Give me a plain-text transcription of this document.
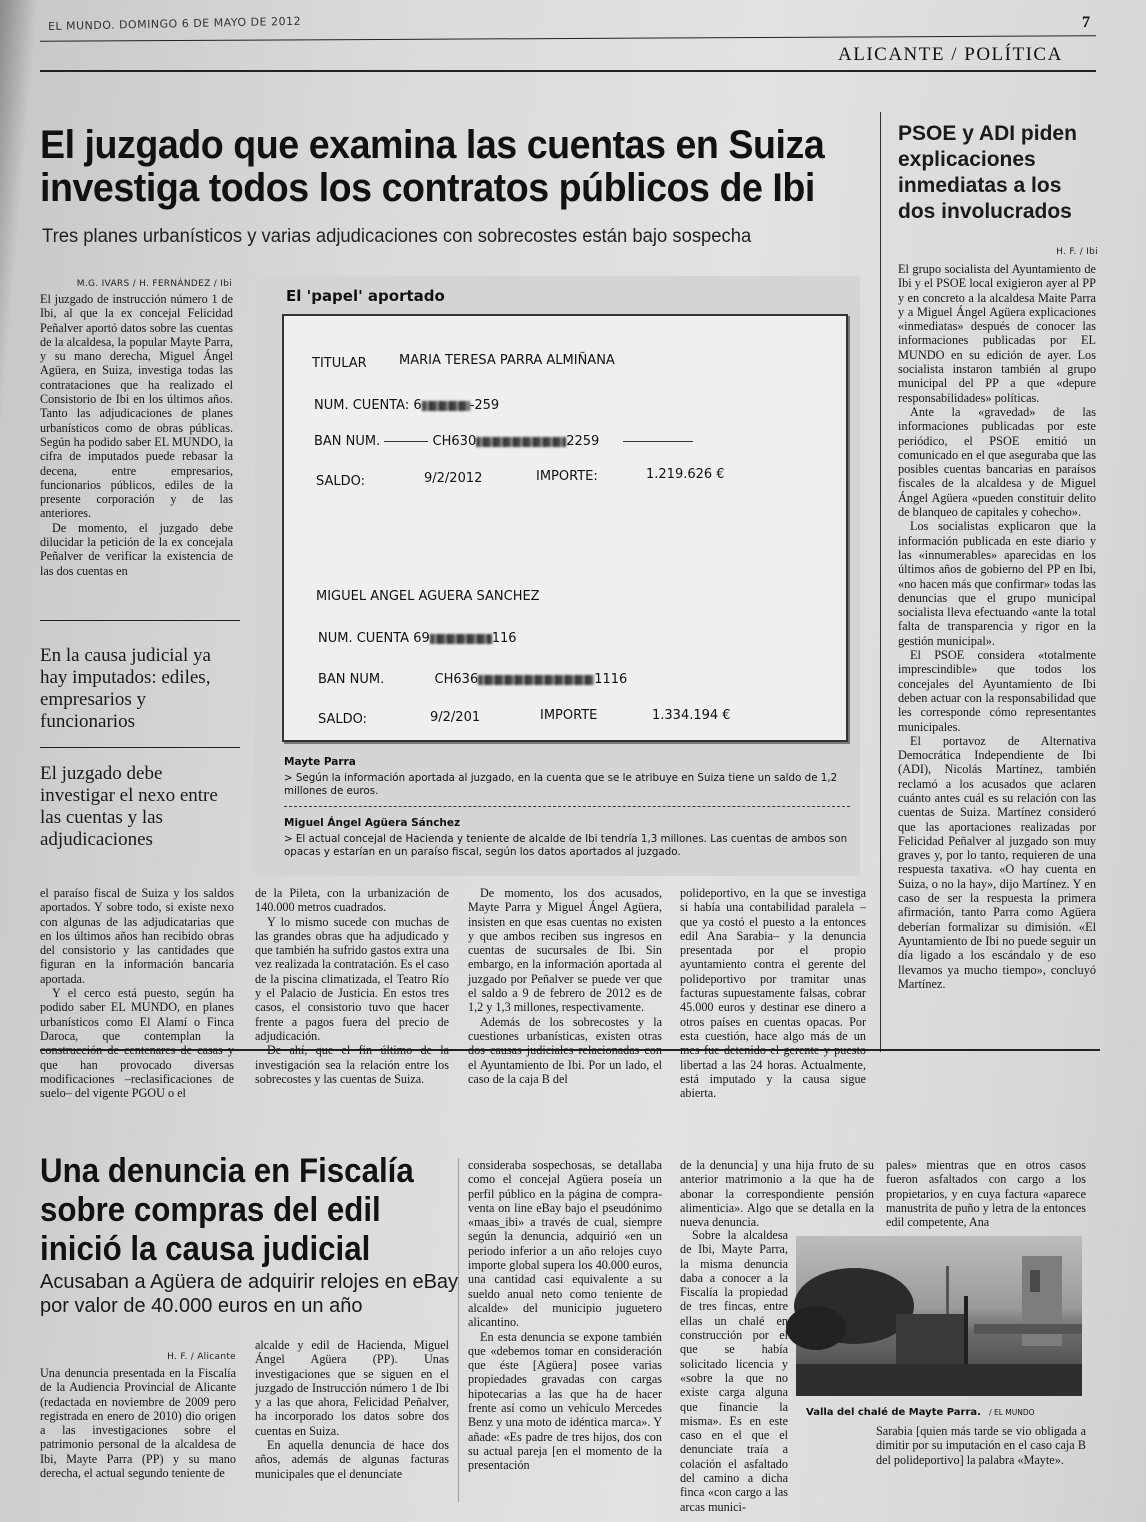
EL MUNDO. DOMINGO 6 DE MAYO DE 2012	7
ALICANTE / POLÍTICA
El juzgado que examina las cuentas en Suiza
investiga todos los contratos públicos de Ibi
Tres planes urbanísticos y varias adjudicaciones con sobrecostes están bajo sospecha
M.G. IVARS / H. FERNÁNDEZ / Ibi

El juzgado de instrucción número 1 de Ibi, al que la ex concejal Felicidad Peñalver aportó datos sobre las cuentas de la alcaldesa, la popular Mayte Parra, y su mano derecha, Miguel Ángel Agüera, en Suiza, investiga todas las contrataciones que ha realizado el Consistorio de Ibi en los últimos años. Tanto las adjudicaciones de planes urbanísticos como de obras públicas. Según ha podido saber EL MUNDO, la cifra de imputados puede rebasar la decena, entre empresarios, funcionarios públicos, ediles de la presente corporación y de las anteriores.

De momento, el juzgado debe dilucidar la petición de la ex concejala Peñalver de verificar la existencia de las dos cuentas en

En la causa judicial ya hay imputados: ediles, empresarios y funcionarios
El juzgado debe investigar el nexo entre las cuentas y las adjudicaciones
El 'papel' aportado
TITULAR MARIA TERESA PARRA ALMIÑANA
NUM. CUENTA: 6	-259
BAN NUM.	CH630	2259
SALDO:	9/2/2012	IMPORTE:	1.219.626 €
MIGUEL ANGEL AGUERA SANCHEZ
NUM. CUENTA 69	116
BAN NUM.	CH636	1116
SALDO:	9/2/201	IMPORTE	1.334.194 €
Mayte Parra
> Según la información aportada al juzgado, en la cuenta que se le atribuye en Suiza tiene un saldo de 1,2 millones de euros.
Miguel Ángel Agüera Sánchez
> El actual concejal de Hacienda y teniente de alcalde de Ibi tendría 1,3 millones. Las cuentas de ambos son opacas y estarían en un paraíso fiscal, según los datos aportados al juzgado.

el paraíso fiscal de Suiza y los saldos aportados. Y sobre todo, si existe nexo con algunas de las adjudicatarias que en los últimos años han recibido obras del consistorio y las cantidades que figuran en la información bancaria aportada.

Y el cerco está puesto, según ha podido saber EL MUNDO, en planes urbanísticos como El Alamí o Finca Daroca, que contemplan la que han provocado diversas modificaciones –reclasificaciones de suelo– del vigente PGOU o el

de la Pileta, con la urbanización de 140.000 metros cuadrados.

Y lo mismo sucede con muchas de las grandes obras que ha adjudicado y que también ha sufrido gastos extra una vez realizada la contratación. Es el caso de la piscina climatizada, el Teatro Río y el Palacio de Justicia. En estos tres casos, el consistorio tuvo que hacer frente a pagos fuera del precio de adjudicación.

investigación sea la relación entre los sobrecostes y las cuentas de Suiza.

De momento, los dos acusados, Mayte Parra y Miguel Ángel Agüera, insisten en que esas cuentas no existen y que ambos reciben sus ingresos en cuentas de sucursales de Ibi. Sin embargo, en la información aportada al juzgado por Peñalver se puede ver que el saldo a 9 de febrero de 2012 es de 1,2 y 1,3 millones, respectivamente.

Además de los sobrecostes y la cuestiones urbanísticas, existen otras el Ayuntamiento de Ibi. Por un lado, el caso de la caja B del

polideportivo, en la que se investiga si había una contabilidad paralela –que ya costó el puesto a la entonces edil Ana Sarabia– y la denuncia presentada por el propio ayuntamiento contra el gerente del polideportivo por tramitar unas facturas supuestamente falsas, cobrar 45.000 euros y destinar ese dinero a otros países en cuentas opacas. Por esta cuestión, hace algo más de un libertad a las 24 horas. Actualmente, está imputado y la causa sigue abierta.

PSOE y ADI piden explicaciones inmediatas a los dos involucrados
H. F. / Ibi

El grupo socialista del Ayuntamiento de Ibi y el PSOE local exigieron ayer al PP y en concreto a la alcaldesa Maite Parra y a Miguel Ángel Agüera explicaciones «inmediatas» después de conocer las informaciones publicadas por EL MUNDO en su edición de ayer. Los socialista instaron también al grupo municipal del PP a que «depure responsabilidades» políticas.

Ante la «gravedad» de las informaciones publicadas por este periódico, el PSOE emitió un comunicado en el que aseguraba que las posibles cuentas bancarias en paraísos fiscales de la alcaldesa y de Miguel Ángel Agüera «pueden constituir delito de blanqueo de capitales y cohecho».

Los socialistas explicaron que la información publicada en este diario y las «innumerables» aparecidas en los últimos años de gobierno del PP en Ibi, «no hacen más que confirmar» todas las denuncias que el grupo municipal socialista lleva efectuando «ante la total falta de transparencia y rigor en la gestión municipal».

El PSOE considera «totalmente imprescindible» que todos los concejales del Ayuntamiento de Ibi deben actuar con la responsabilidad que les corresponde cómo representantes municipales.

El portavoz de Alternativa Democrática Independiente de Ibi (ADI), Nicolás Martínez, también reclamó a los acusados que aclaren cuánto antes cuál es su relación con las cuentas de Suiza. Martínez consideró que las aportaciones realizadas por Felicidad Peñalver al juzgado son muy graves y, por lo tanto, requieren de una respuesta taxativa. «O hay cuenta en Suiza, o no la hay», dijo Martínez. Y en caso de ser la respuesta la primera afirmación, tanto Parra como Agüera deberían formalizar su dimisión. «El Ayuntamiento de Ibi no puede seguir un día ligado a los escándalo y de eso llevamos ya mucho tiempo», concluyó Martínez.

Una denuncia en Fiscalía sobre compras del edil inició la causa judicial
Acusaban a Agüera de adquirir relojes en eBay por valor de 40.000 euros en un año
H. F. / Alicante

Una denuncia presentada en la Fiscalía de la Audiencia Provincial de Alicante (redactada en noviembre de 2009 pero registrada en enero de 2010) dio origen a las investigaciones sobre el patrimonio personal de la alcaldesa de Ibi, Mayte Parra (PP) y su mano derecha, el actual segundo teniente de

alcalde y edil de Hacienda, Miguel Ángel Agüera (PP). Unas investigaciones que se siguen en el juzgado de Instrucción número 1 de Ibi y a las que ahora, Felicidad Peñalver, ha incorporado los datos sobre dos cuentas en Suiza.

En aquella denuncia de hace dos años, además de algunas facturas municipales que el denunciate

consideraba sospechosas, se detallaba como el concejal Agüera poseía un perfil público en la página de compra-venta on line eBay bajo el pseudónimo «maas_ibi» a través de cual, siempre según la denuncia, adquirió «en un periodo inferior a un año relojes cuyo importe global supera los 40.000 euros, una cantidad casi equivalente a su sueldo anual neto como teniente de alcalde» del municipio juguetero alicantino.

En esta denuncia se expone también que «debemos tomar en consideración que éste [Agüera] posee varias propiedades gravadas con cargas hipotecarias a las que ha de hacer frente así como un vehículo Mercedes Benz y una moto de idéntica marca». Y añade: «Es padre de tres hijos, dos con su actual pareja [en el momento de la presentación

de la denuncia] y una hija fruto de su anterior matrimonio a la que ha de abonar la correspondiente pensión alimenticia». Algo que se detalla en la nueva denuncia.

Sobre la alcaldesa de Ibi, Mayte Parra, la misma denuncia daba a conocer a la Fiscalía la propiedad de tres fincas, entre ellas un chalé en construcción por el que se había solicitado licencia y «sobre la que no existe carga alguna que financie la misma». Es en este caso en el que el denunciate traía a colación el asfaltado del camino a dicha finca «con cargo a las arcas munici-

pales» mientras que en otros casos fueron asfaltados con cargo a los propietarios, y en cuya factura «aparece manustrita de puño y letra de la entonces edil competente, Ana

Sarabia [quien más tarde se vio obligada a dimitir por su imputación en el caso caja B del polideportivo] la palabra «Mayte».

Valla del chalé de Mayte Parra. / EL MUNDO
